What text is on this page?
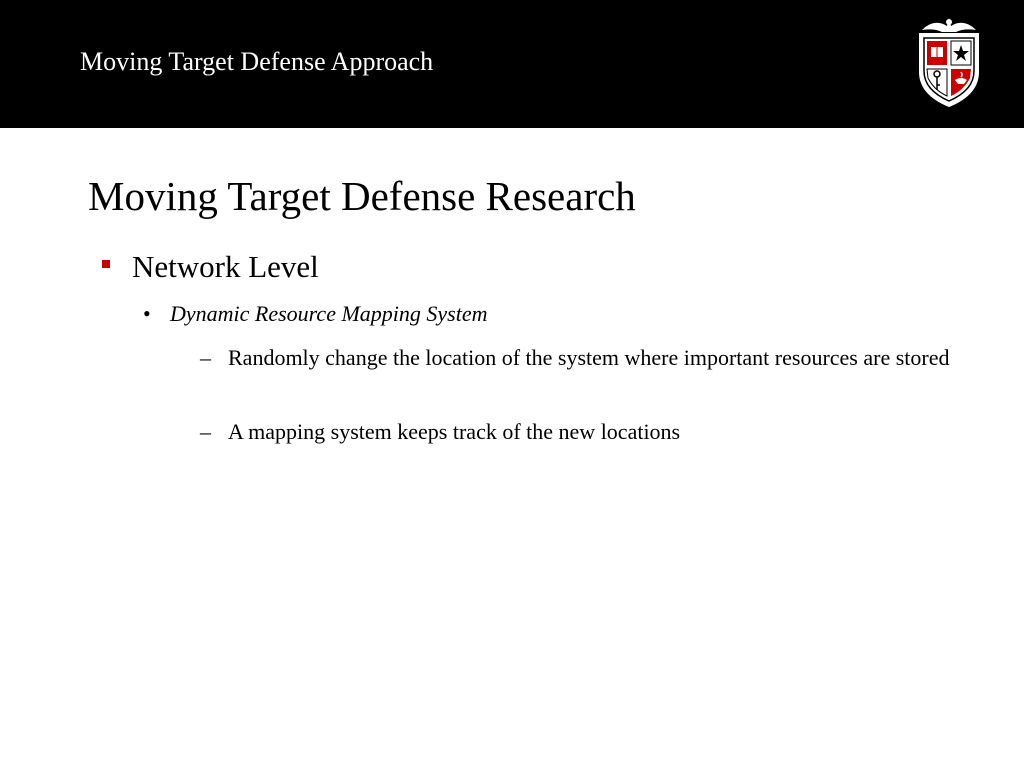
Moving Target Defense Approach
Moving Target Defense Research
Network Level
• Dynamic Resource Mapping System
– Randomly change the location of the system where important resources are stored
– A mapping system keeps track of the new locations
